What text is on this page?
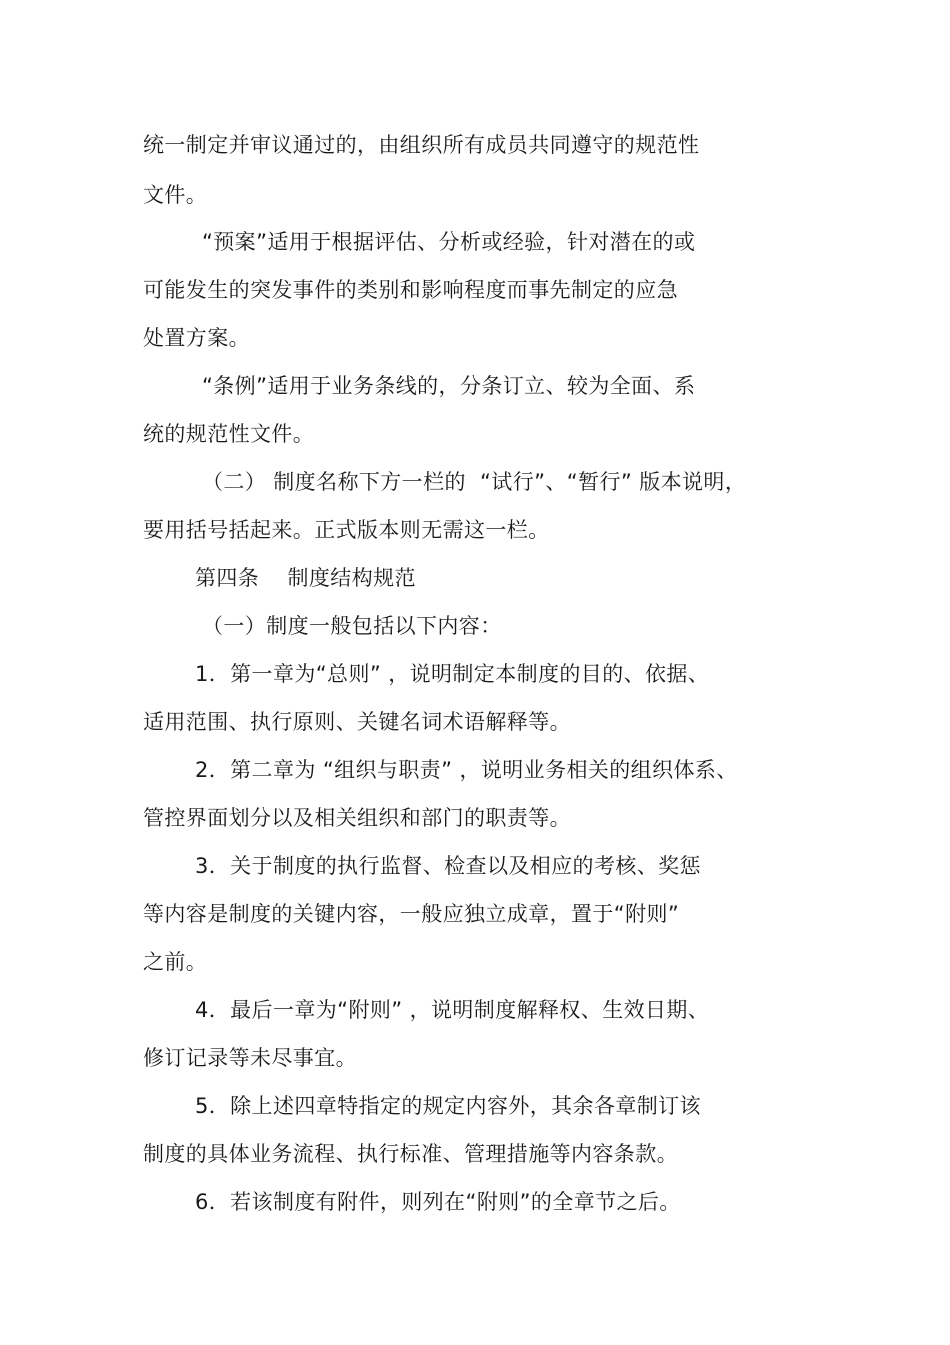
统一制定并审议通过的，由组织所有成员共同遵守的规范性
文件。
“预案”适用于根据评估、分析或经验，针对潜在的或
可能发生的突发事件的类别和影响程度而事先制定的应急
处置方案。
“条例”适用于业务条线的，分条订立、较为全面、系
统的规范性文件。
（二） 制度名称下方一栏的  “试行”、“暂行” 版本说明，
要用括号括起来。正式版本则无需这一栏。
第四条    制度结构规范
（一）制度一般包括以下内容：
1．第一章为“总则” ，说明制定本制度的目的、依据、
适用范围、执行原则、关键名词术语解释等。
2．第二章为 “组织与职责” ，说明业务相关的组织体系、
管控界面划分以及相关组织和部门的职责等。
3．关于制度的执行监督、检查以及相应的考核、奖惩
等内容是制度的关键内容，一般应独立成章，置于“附则”
之前。
4．最后一章为“附则” ，说明制度解释权、生效日期、
修订记录等未尽事宜。
5．除上述四章特指定的规定内容外，其余各章制订该
制度的具体业务流程、执行标准、管理措施等内容条款。
6．若该制度有附件，则列在“附则”的全章节之后。
